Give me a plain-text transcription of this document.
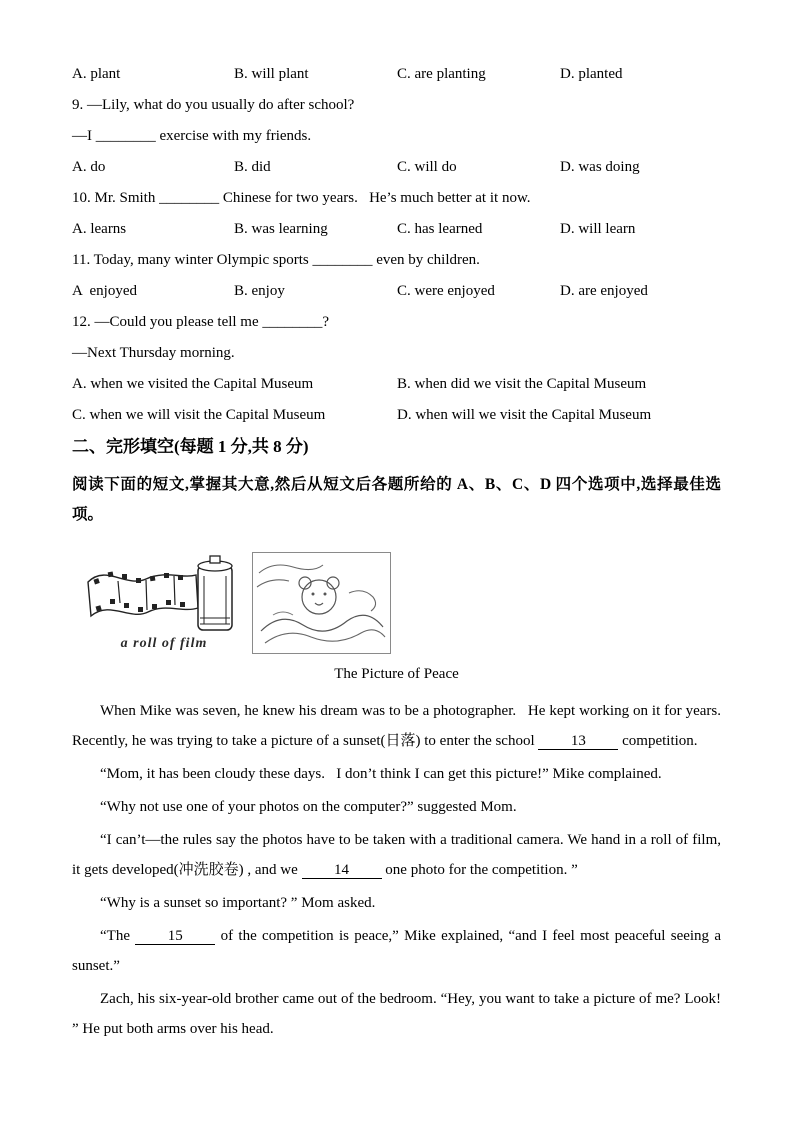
A. plant	B. will plant	C. are planting	D. planted

9. —Lily, what do you usually do after school?

—I ________ exercise with my friends.

A. do	B. did	C. will do	D. was doing

10. Mr. Smith ________ Chinese for two years.   He’s much better at it now.

A. learns	B. was learning	C. has learned	D. will learn

11. Today, many winter Olympic sports ________ even by children.

A  enjoyed	B. enjoy	C. were enjoyed	D. are enjoyed

12. —Could you please tell me ________?

—Next Thursday morning.

A. when we visited the Capital Museum	B. when did we visit the Capital Museum
C. when we will visit the Capital Museum	D. when will we visit the Capital Museum
二、完形填空(每题 1 分,共 8 分)

阅读下面的短文,掌握其大意,然后从短文后各题所给的 A、B、C、D 四个选项中,选择最佳选项。

a roll of film

The Picture of Peace

When Mike was seven, he knew his dream was to be a photographer.   He kept working on it for years. Recently, he was trying to take a picture of a sunset(日落) to enter the school 13 competition.

“Mom, it has been cloudy these days.   I don’t think I can get this picture!” Mike complained.

“Why not use one of your photos on the computer?” suggested Mom.

“I can’t—the rules say the photos have to be taken with a traditional camera. We hand in a roll of film, it gets developed(冲洗胶卷) , and we 14 one photo for the competition. ”

“Why is a sunset so important? ” Mom asked.

“The	15	of the competition is peace,” Mike explained, “and I feel most peaceful seeing a sunset.”

Zach, his six-year-old brother came out of the bedroom. “Hey, you want to take a picture of me? Look! ” He put both arms over his head.
